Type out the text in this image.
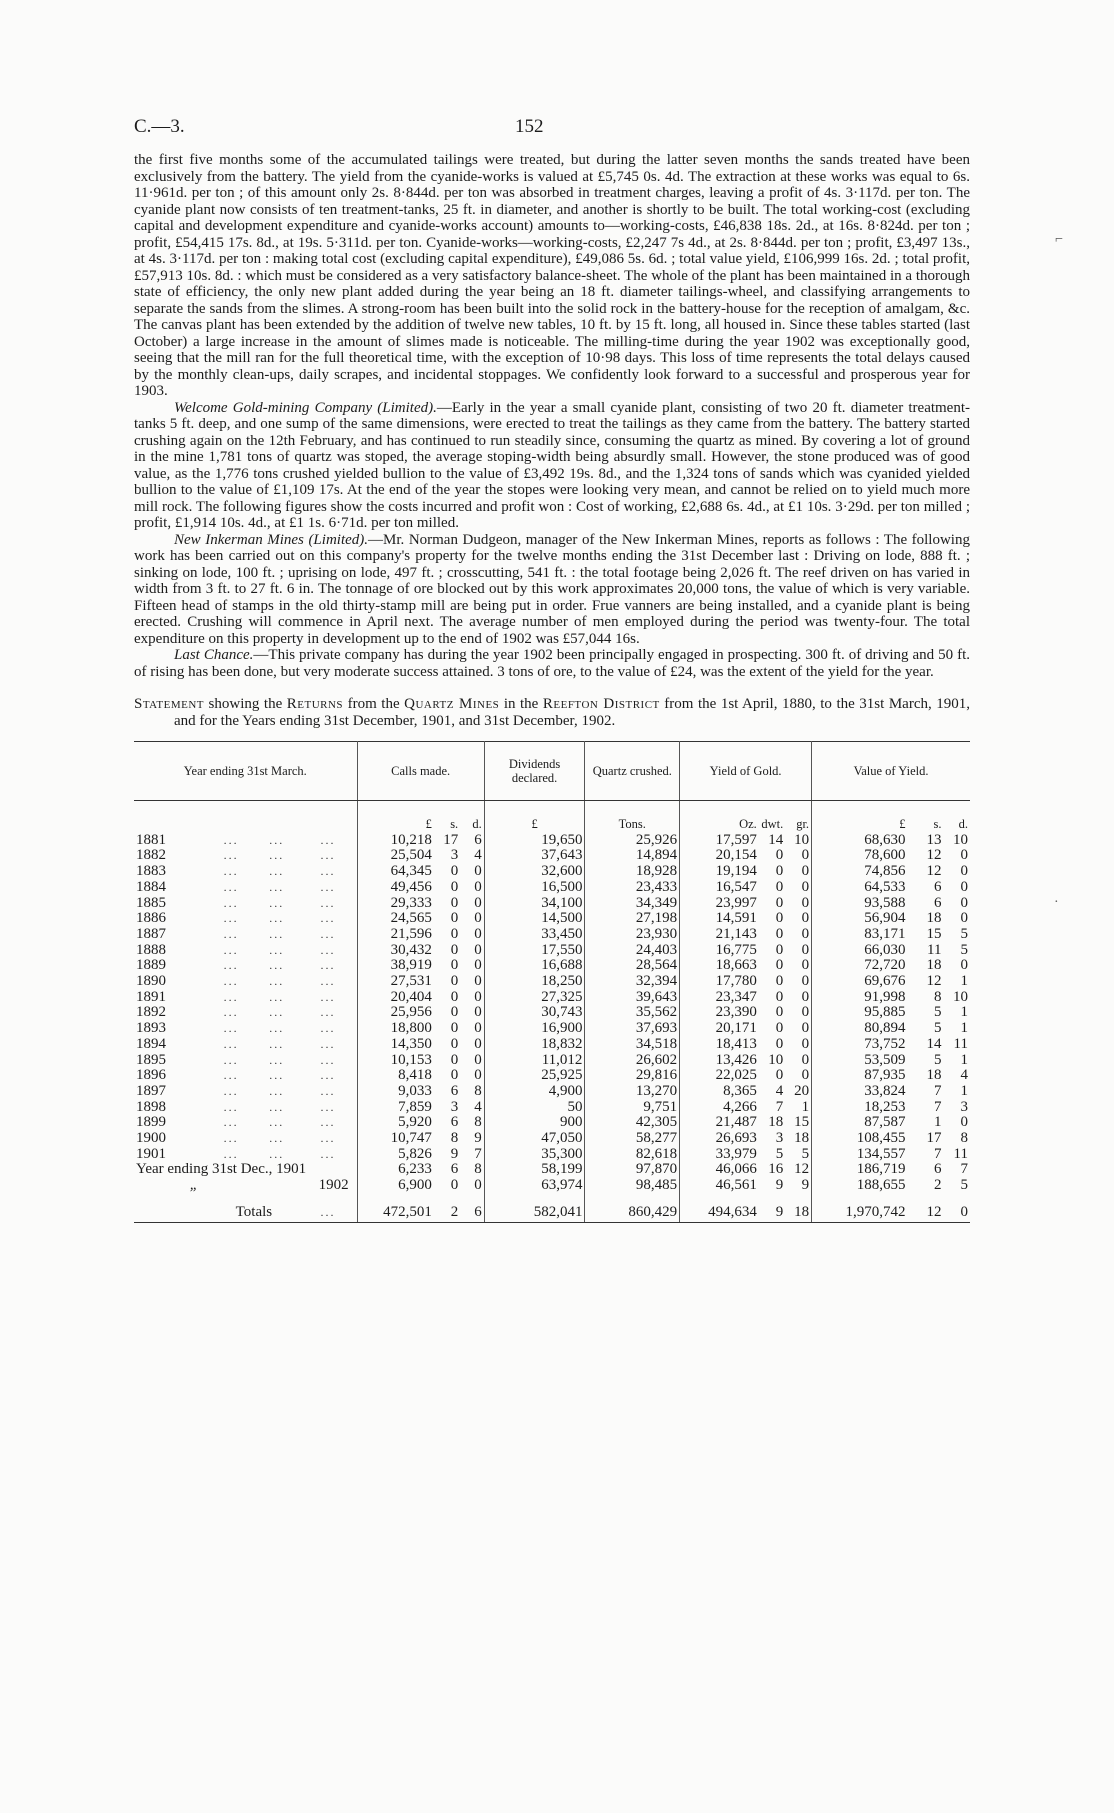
C.—3.	152

the first five months some of the accumulated tailings were treated, but during the latter seven months the sands treated have been exclusively from the battery. The yield from the cyanide-works is valued at £5,745 0s. 4d. The extraction at these works was equal to 6s. 11·961d. per ton ; of this amount only 2s. 8·844d. per ton was absorbed in treatment charges, leaving a profit of 4s. 3·117d. per ton. The cyanide plant now consists of ten treatment-tanks, 25 ft. in diameter, and another is shortly to be built. The total working-cost (excluding capital and development expenditure and cyanide-works account) amounts to—working-costs, £46,838 18s. 2d., at 16s. 8·824d. per ton ; profit, £54,415 17s. 8d., at 19s. 5·311d. per ton. Cyanide-works—working-costs, £2,247 7s 4d., at 2s. 8·844d. per ton ; profit, £3,497 13s., at 4s. 3·117d. per ton : making total cost (excluding capital expenditure), £49,086 5s. 6d. ; total value yield, £106,999 16s. 2d. ; total profit, £57,913 10s. 8d. : which must be considered as a very satisfactory balance-sheet. The whole of the plant has been maintained in a thorough state of efficiency, the only new plant added during the year being an 18 ft. diameter tailings-wheel, and classifying arrangements to separate the sands from the slimes. A strong-room has been built into the solid rock in the battery-house for the reception of amalgam, &c. The canvas plant has been extended by the addition of twelve new tables, 10 ft. by 15 ft. long, all housed in. Since these tables started (last October) a large increase in the amount of slimes made is noticeable. The milling-time during the year 1902 was exceptionally good, seeing that the mill ran for the full theoretical time, with the exception of 10·98 days. This loss of time represents the total delays caused by the monthly clean-ups, daily scrapes, and incidental stoppages. We confidently look forward to a successful and prosperous year for 1903.

Welcome Gold-mining Company (Limited).—Early in the year a small cyanide plant, consisting of two 20 ft. diameter treatment-tanks 5 ft. deep, and one sump of the same dimensions, were erected to treat the tailings as they came from the battery. The battery started crushing again on the 12th February, and has continued to run steadily since, consuming the quartz as mined. By covering a lot of ground in the mine 1,781 tons of quartz was stoped, the average stoping-width being absurdly small. However, the stone produced was of good value, as the 1,776 tons crushed yielded bullion to the value of £3,492 19s. 8d., and the 1,324 tons of sands which was cyanided yielded bullion to the value of £1,109 17s. At the end of the year the stopes were looking very mean, and cannot be relied on to yield much more mill rock. The following figures show the costs incurred and profit won : Cost of working, £2,688 6s. 4d., at £1 10s. 3·29d. per ton milled ; profit, £1,914 10s. 4d., at £1 1s. 6·71d. per ton milled.

New Inkerman Mines (Limited).—Mr. Norman Dudgeon, manager of the New Inkerman Mines, reports as follows : The following work has been carried out on this company's property for the twelve months ending the 31st December last : Driving on lode, 888 ft. ; sinking on lode, 100 ft. ; uprising on lode, 497 ft. ; crosscutting, 541 ft. : the total footage being 2,026 ft. The reef driven on has varied in width from 3 ft. to 27 ft. 6 in. The tonnage of ore blocked out by this work approximates 20,000 tons, the value of which is very variable. Fifteen head of stamps in the old thirty-stamp mill are being put in order. Frue vanners are being installed, and a cyanide plant is being erected. Crushing will commence in April next. The average number of men employed during the period was twenty-four. The total expenditure on this property in development up to the end of 1902 was £57,044 16s.

Last Chance.—This private company has during the year 1902 been principally engaged in prospecting. 300 ft. of driving and 50 ft. of rising has been done, but very moderate success attained. 3 tons of ore, to the value of £24, was the extent of the yield for the year.

Statement showing the Returns from the Quartz Mines in the Reefton District from the 1st April, 1880, to the 31st March, 1901, and for the Years ending 31st December, 1901, and 31st December, 1902.
Year ending 31st March.				Calls made.			Dividends declared.	Quartz crushed.	Yield of Gold.			Value of Yield.		
				£	s.	d.	£	Tons.	Oz.	dwt.	gr.	£	s.	d.
1881	...	...	...	10,218	17	6	19,650	25,926	17,597	14	10	68,630	13	10
1882	...	...	...	25,504	3	4	37,643	14,894	20,154	0	0	78,600	12	0
1883	...	...	...	64,345	0	0	32,600	18,928	19,194	0	0	74,856	12	0
1884	...	...	...	49,456	0	0	16,500	23,433	16,547	0	0	64,533	6	0
1885	...	...	...	29,333	0	0	34,100	34,349	23,997	0	0	93,588	6	0
1886	...	...	...	24,565	0	0	14,500	27,198	14,591	0	0	56,904	18	0
1887	...	...	...	21,596	0	0	33,450	23,930	21,143	0	0	83,171	15	5
1888	...	...	...	30,432	0	0	17,550	24,403	16,775	0	0	66,030	11	5
1889	...	...	...	38,919	0	0	16,688	28,564	18,663	0	0	72,720	18	0
1890	...	...	...	27,531	0	0	18,250	32,394	17,780	0	0	69,676	12	1
1891	...	...	...	20,404	0	0	27,325	39,643	23,347	0	0	91,998	8	10
1892	...	...	...	25,956	0	0	30,743	35,562	23,390	0	0	95,885	5	1
1893	...	...	...	18,800	0	0	16,900	37,693	20,171	0	0	80,894	5	1
1894	...	...	...	14,350	0	0	18,832	34,518	18,413	0	0	73,752	14	11
1895	...	...	...	10,153	0	0	11,012	26,602	13,426	10	0	53,509	5	1
1896	...	...	...	8,418	0	0	25,925	29,816	22,025	0	0	87,935	18	4
1897	...	...	...	9,033	6	8	4,900	13,270	8,365	4	20	33,824	7	1
1898	...	...	...	7,859	3	4	50	9,751	4,266	7	1	18,253	7	3
1899	...	...	...	5,920	6	8	900	42,305	21,487	18	15	87,587	1	0
1900	...	...	...	10,747	8	9	47,050	58,277	26,693	3	18	108,455	17	8
1901	...	...	...	5,826	9	7	35,300	82,618	33,979	5	5	134,557	7	11
Year ending 31st Dec., 1901				6,233	6	8	58,199	97,870	46,066	16	12	186,719	6	7
„		1902		6,900	0	0	63,974	98,485	46,561	9	9	188,655	2	5
	Totals		...	472,501	2	6	582,041	860,429	494,634	9	18	1,970,742	12	0
⌐
·
